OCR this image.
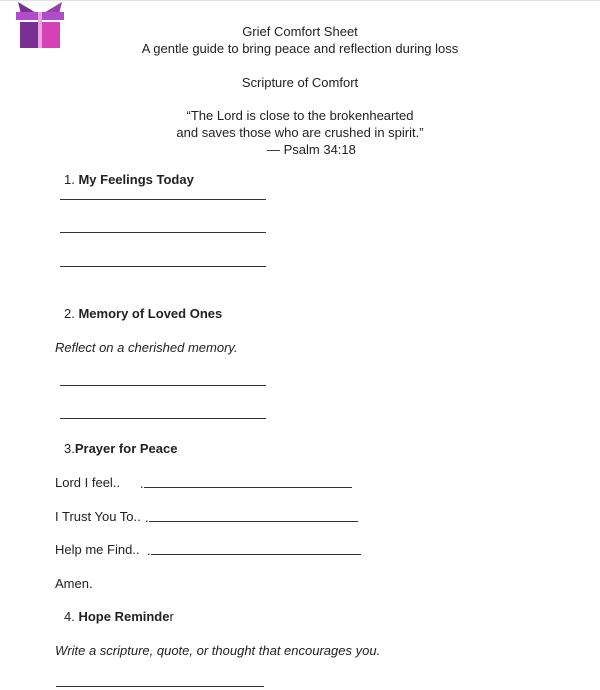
Grief Comfort Sheet
A gentle guide to bring peace and reflection during loss
Scripture of Comfort
“The Lord is close to the brokenhearted
and saves those who are crushed in spirit.”
— Psalm 34:18
1. My Feelings Today
2. Memory of Loved Ones
Reflect on a cherished memory.
3.Prayer for Peace
Lord I feel.. .
I Trust You To.. .
Help me Find.. .
Amen.
4. Hope Reminder
Write a scripture, quote, or thought that encourages you.
